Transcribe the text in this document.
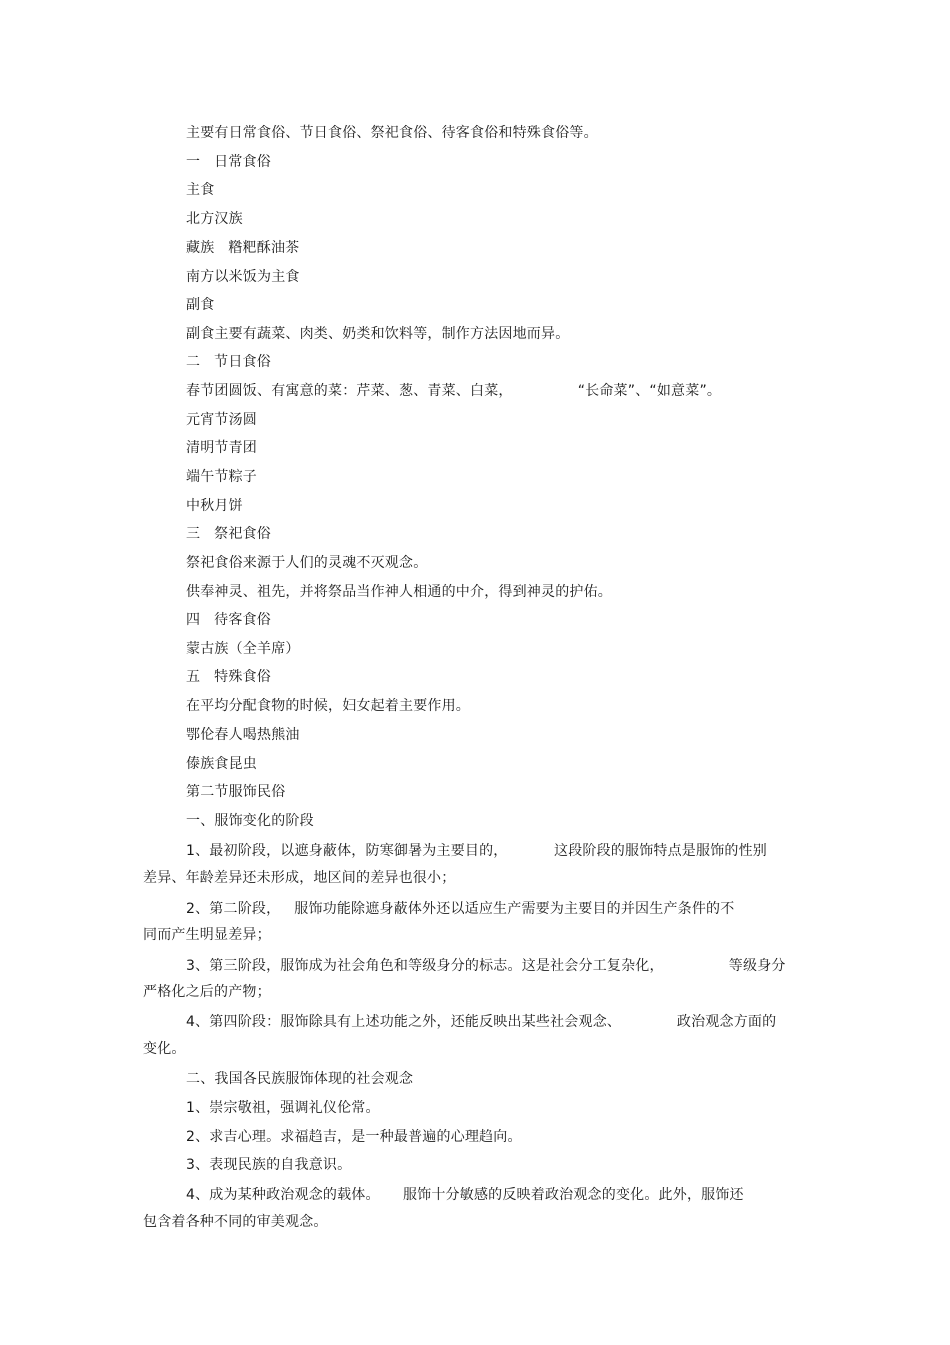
主要有日常食俗、节日食俗、祭祀食俗、待客食俗和特殊食俗等。
一   日常食俗
主食
北方汉族
藏族   糌粑酥油茶
南方以米饭为主食
副食
副食主要有蔬菜、肉类、奶类和饮料等，制作方法因地而异。
二   节日食俗
春节团圆饭、有寓意的菜：芹菜、葱、青菜、白菜，              “长命菜”、“如意菜”。
元宵节汤圆
清明节青团
端午节粽子
中秋月饼
三   祭祀食俗
祭祀食俗来源于人们的灵魂不灭观念。
供奉神灵、祖先，并将祭品当作神人相通的中介，得到神灵的护佑。
四   待客食俗
蒙古族（全羊席）
五   特殊食俗
在平均分配食物的时候，妇女起着主要作用。
鄂伦春人喝热熊油
傣族食昆虫
第二节服饰民俗
一、服饰变化的阶段
1、最初阶段，以遮身蔽体，防寒御暑为主要目的，          这段阶段的服饰特点是服饰的性别
差异、年龄差异还未形成，地区间的差异也很小；
2、第二阶段，   服饰功能除遮身蔽体外还以适应生产需要为主要目的并因生产条件的不
同而产生明显差异；
3、第三阶段，服饰成为社会角色和等级身分的标志。这是社会分工复杂化，              等级身分
严格化之后的产物；
4、第四阶段：服饰除具有上述功能之外，还能反映出某些社会观念、            政治观念方面的
变化。
二、我国各民族服饰体现的社会观念
1、崇宗敬祖，强调礼仪伦常。
2、求吉心理。求福趋吉，是一种最普遍的心理趋向。
3、表现民族的自我意识。
4、成为某种政治观念的载体。     服饰十分敏感的反映着政治观念的变化。此外，服饰还
包含着各种不同的审美观念。
